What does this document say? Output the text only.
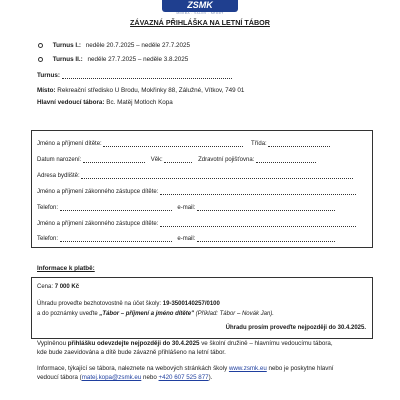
ZSMK
MOKRÁ · VÁLOV · SPORT
ZÁVAZNÁ PŘIHLÁŠKA NA LETNÍ TÁBOR
Turnus I.: neděle 20.7.2025 – neděle 27.7.2025
Turnus II.: neděle 27.7.2025 – neděle 3.8.2025
Turnus:
Místo: Rekreační středisko U Brodu, Mokřinky 88, Zálužné, Vítkov, 749 01
Hlavní vedoucí tábora: Bc. Matěj Motloch Kopa
Jméno a příjmení dítěte:	Třída:
Datum narození:	Věk:	Zdravotní pojišťovna:
Adresa bydliště:
Jméno a příjmení zákonného zástupce dítěte:
Telefon:	e-mail:
Jméno a příjmení zákonného zástupce dítěte:
Telefon:	e-mail:
Informace k platbě:
Cena: 7 000 Kč
Úhradu proveďte bezhotovostně na účet školy: 19-3500140257/0100
a do poznámky uveďte „Tábor – příjmení a jméno dítěte" (Příklad: Tábor – Novák Jan).
Úhradu prosím proveďte nejpozději do 30.4.2025.
Vyplněnou přihlášku odevzdejte nejpozději do 30.4.2025 ve školní družině – hlavnímu vedoucímu tábora,
kde bude zaevidována a dítě bude závazně přihlášeno na letní tábor.
Informace, týkající se tábora, naleznete na webových stránkách školy www.zsmk.eu nebo je poskytne hlavní
vedoucí tábora (matej.kopa@zsmk.eu nebo +420 607 525 877).
